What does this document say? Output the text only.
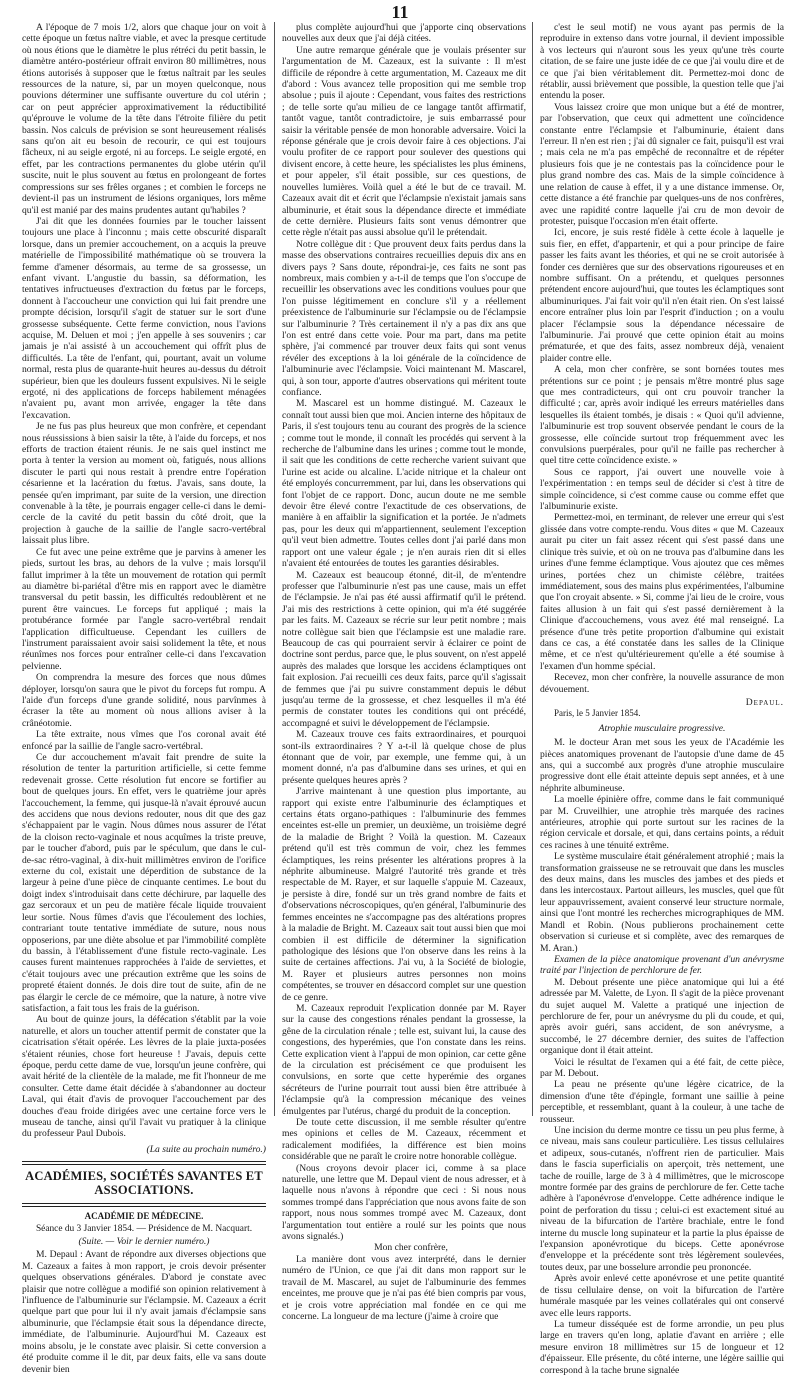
11

A l'époque de 7 mois 1/2, alors que chaque jour on voit à cette époque un fœtus naître viable, et avec la presque certitude où nous étions que le diamètre le plus rétréci du petit bassin, le diamètre antéro-postérieur offrait environ 80 millimètres, nous étions autorisés à supposer que le fœtus naîtrait par les seules ressources de la nature, si, par un moyen quelconque, nous pouvions déterminer une suffisante ouverture du col utérin ; car on peut apprécier approximativement la réductibilité qu'éprouve le volume de la tête dans l'étroite filière du petit bassin. Nos calculs de prévision se sont heureusement réalisés sans qu'on ait eu besoin de recourir, ce qui est toujours fâcheux, ni au seigle ergoté, ni au forceps. Le seigle ergoté, en effet, par les contractions permanentes du globe utérin qu'il suscite, nuit le plus souvent au fœtus en prolongeant de fortes compressions sur ses frêles organes ; et combien le forceps ne devient-il pas un instrument de lésions organiques, lors même qu'il est manié par des mains prudentes autant qu'habiles ?

J'ai dit que les données fournies par le toucher laissent toujours une place à l'inconnu ; mais cette obscurité disparaît lorsque, dans un premier accouchement, on a acquis la preuve matérielle de l'impossibilité mathématique où se trouvera la femme d'amener désormais, au terme de sa grossesse, un enfant vivant. L'angustie du bassin, sa déformation, les tentatives infructueuses d'extraction du fœtus par le forceps, donnent à l'accoucheur une conviction qui lui fait prendre une prompte décision, lorsqu'il s'agit de statuer sur le sort d'une grossesse subséquente. Cette ferme conviction, nous l'avions acquise, M. Deluen et moi ; j'en appelle à ses souvenirs ; car jamais je n'ai assisté à un accouchement qui offrît plus de difficultés. La tête de l'enfant, qui, pourtant, avait un volume normal, resta plus de quarante-huit heures au-dessus du détroit supérieur, bien que les douleurs fussent expulsives. Ni le seigle ergoté, ni des applications de forceps habilement ménagées n'avaient pu, avant mon arrivée, engager la tête dans l'excavation.

Je ne fus pas plus heureux que mon confrère, et cependant nous réussissions à bien saisir la tête, à l'aide du forceps, et nos efforts de traction étaient réunis. Je ne sais quel instinct me porta à tenter la version au moment où, fatigués, nous allions discuter le parti qui nous restait à prendre entre l'opération césarienne et la lacération du fœtus. J'avais, sans doute, la pensée qu'en imprimant, par suite de la version, une direction convenable à la tête, je pourrais engager celle-ci dans le demi-cercle de la cavité du petit bassin du côté droit, que la projection à gauche de la saillie de l'angle sacro-vertébral laissait plus libre.

Ce fut avec une peine extrême que je parvins à amener les pieds, surtout les bras, au dehors de la vulve ; mais lorsqu'il fallut imprimer à la tête un mouvement de rotation qui permît au diamètre bi-pariétal d'être mis en rapport avec le diamètre transversal du petit bassin, les difficultés redoublèrent et ne purent être vaincues. Le forceps fut appliqué ; mais la protubérance formée par l'angle sacro-vertébral rendait l'application difficultueuse. Cependant les cuillers de l'instrument paraissaient avoir saisi solidement la tête, et nous réunîmes nos forces pour entraîner celle-ci dans l'excavation pelvienne.

On comprendra la mesure des forces que nous dûmes déployer, lorsqu'on saura que le pivot du forceps fut rompu. A l'aide d'un forceps d'une grande solidité, nous parvînmes à écraser la tête au moment où nous allions aviser à la crânéotomie.

La tête extraite, nous vîmes que l'os coronal avait été enfoncé par la saillie de l'angle sacro-vertébral.

Ce dur accouchement m'avait fait prendre de suite la résolution de tenter la parturition artificielle, si cette femme redevenait grosse. Cette résolution fut encore se fortifier au bout de quelques jours. En effet, vers le quatrième jour après l'accouchement, la femme, qui jusque-là n'avait éprouvé aucun des accidens que nous devions redouter, nous dit que des gaz s'échappaient par le vagin. Nous dûmes nous assurer de l'état de la cloison recto-vaginale et nous acquîmes la triste preuve, par le toucher d'abord, puis par le spéculum, que dans le cul-de-sac rétro-vaginal, à dix-huit millimètres environ de l'orifice externe du col, existait une déperdition de substance de la largeur à peine d'une pièce de cinquante centimes. Le bout du doigt index s'introduisait dans cette déchirure, par laquelle des gaz sercoraux et un peu de matière fécale liquide trouvaient leur sortie. Nous fûmes d'avis que l'écoulement des lochies, contrariant toute tentative immédiate de suture, nous nous opposerions, par une diète absolue et par l'immobilité complète du bassin, à l'établissement d'une fistule recto-vaginale. Les causes furent maintenues rapprochées à l'aide de serviettes, et c'était toujours avec une précaution extrême que les soins de propreté étaient donnés. Je dois dire tout de suite, afin de ne pas élargir le cercle de ce mémoire, que la nature, à notre vive satisfaction, a fait tous les frais de la guérison.

Au bout de quinze jours, la défécation s'établit par la voie naturelle, et alors un toucher attentif permit de constater que la cicatrisation s'était opérée. Les lèvres de la plaie juxta-posées s'étaient réunies, chose fort heureuse ! J'avais, depuis cette époque, perdu cette dame de vue, lorsqu'un jeune confrère, qui avait hérité de la clientèle de la malade, me fit l'honneur de me consulter. Cette dame était décidée à s'abandonner au docteur Laval, qui était d'avis de provoquer l'accouchement par des douches d'eau froide dirigées avec une certaine force vers le museau de tanche, ainsi qu'il l'avait vu pratiquer à la clinique du professeur Paul Dubois.

(La suite au prochain numéro.)
ACADÉMIES, SOCIÉTÉS SAVANTES ET ASSOCIATIONS.
ACADÉMIE DE MÉDECINE.
Séance du 3 Janvier 1854. — Présidence de M. Nacquart.
(Suite. — Voir le dernier numéro.)

M. Depaul : Avant de répondre aux diverses objections que M. Cazeaux a faites à mon rapport, je crois devoir présenter quelques observations générales. D'abord je constate avec plaisir que notre collègue a modifié son opinion relativement à l'influence de l'albuminurie sur l'éclampsie. M. Cazeaux a écrit quelque part que pour lui il n'y avait jamais d'éclampsie sans albuminurie, que l'éclampsie était sous la dépendance directe, immédiate, de l'albuminurie. Aujourd'hui M. Cazeaux est moins absolu, je le constate avec plaisir. Si cette conversion a été produite comme il le dit, par deux faits, elle va sans doute devenir bien

plus complète aujourd'hui que j'apporte cinq observations nouvelles aux deux que j'ai déjà citées.

Une autre remarque générale que je voulais présenter sur l'argumentation de M. Cazeaux, est la suivante : Il m'est difficile de répondre à cette argumentation, M. Cazeaux me dit d'abord : Vous avancez telle proposition qui me semble trop absolue ; puis il ajoute : Cependant, vous faites des restrictions ; de telle sorte qu'au milieu de ce langage tantôt affirmatif, tantôt vague, tantôt contradictoire, je suis embarrassé pour saisir la véritable pensée de mon honorable adversaire. Voici la réponse générale que je crois devoir faire à ces objections. J'ai voulu profiter de ce rapport pour soulever des questions qui divisent encore, à cette heure, les spécialistes les plus éminens, et pour appeler, s'il était possible, sur ces questions, de nouvelles lumières. Voilà quel a été le but de ce travail. M. Cazeaux avait dit et écrit que l'éclampsie n'existait jamais sans albuminurie, et était sous la dépendance directe et immédiate de cette dernière. Plusieurs faits sont venus démontrer que cette règle n'était pas aussi absolue qu'il le prétendait.

Notre collègue dit : Que prouvent deux faits perdus dans la masse des observations contraires recueillies depuis dix ans en divers pays ? Sans doute, répondrai-je, ces faits ne sont pas nombreux, mais combien y a-t-il de temps que l'on s'occupe de recueillir les observations avec les conditions voulues pour que l'on puisse légitimement en conclure s'il y a réellement préexistence de l'albuminurie sur l'éclampsie ou de l'éclampsie sur l'albuminurie ? Très certainement il n'y a pas dix ans que l'on est entré dans cette voie. Pour ma part, dans ma petite sphère, j'ai commencé par trouver deux faits qui sont venus révéler des exceptions à la loi générale de la coïncidence de l'albuminurie avec l'éclampsie. Voici maintenant M. Mascarel, qui, à son tour, apporte d'autres observations qui méritent toute confiance.

M. Mascarel est un homme distingué. M. Cazeaux le connaît tout aussi bien que moi. Ancien interne des hôpitaux de Paris, il s'est toujours tenu au courant des progrès de la science ; comme tout le monde, il connaît les procédés qui servent à la recherche de l'albumine dans les urines ; comme tout le monde, il sait que les conditions de cette recherche varient suivant que l'urine est acide ou alcaline. L'acide nitrique et la chaleur ont été employés concurremment, par lui, dans les observations qui font l'objet de ce rapport. Donc, aucun doute ne me semble devoir être élevé contre l'exactitude de ces observations, de manière à en affaiblir la signification et la portée. Je n'admets pas, pour les deux qui m'appartiennent, seulement l'exception qu'il veut bien admettre. Toutes celles dont j'ai parlé dans mon rapport ont une valeur égale ; je n'en aurais rien dit si elles n'avaient été entourées de toutes les garanties désirables.

M. Cazeaux est beaucoup étonné, dit-il, de m'entendre professer que l'albuminurie n'est pas une cause, mais un effet de l'éclampsie. Je n'ai pas été aussi affirmatif qu'il le prétend. J'ai mis des restrictions à cette opinion, qui m'a été suggérée par les faits. M. Cazeaux se récrie sur leur petit nombre ; mais notre collègue sait bien que l'éclampsie est une maladie rare. Beaucoup de cas qui pourraient servir à éclairer ce point de doctrine sont perdus, parce que, le plus souvent, on n'est appelé auprès des malades que lorsque les accidens éclamptiques ont fait explosion. J'ai recueilli ces deux faits, parce qu'il s'agissait de femmes que j'ai pu suivre constamment depuis le début jusqu'au terme de la grossesse, et chez lesquelles il m'a été permis de constater toutes les conditions qui ont précédé, accompagné et suivi le développement de l'éclampsie.

M. Cazeaux trouve ces faits extraordinaires, et pourquoi sont-ils extraordinaires ? Y a-t-il là quelque chose de plus étonnant que de voir, par exemple, une femme qui, à un moment donné, n'a pas d'albumine dans ses urines, et qui en présente quelques heures après ?

J'arrive maintenant à une question plus importante, au rapport qui existe entre l'albuminurie des éclamptiques et certains états organo-pathiques : l'albuminurie des femmes enceintes est-elle un premier, un deuxième, un troisième degré de la maladie de Bright ? Voilà la question. M. Cazeaux prétend qu'il est très commun de voir, chez les femmes éclamptiques, les reins présenter les altérations propres à la néphrite albumineuse. Malgré l'autorité très grande et très respectable de M. Rayer, et sur laquelle s'appuie M. Cazeaux, je persiste à dire, fondé sur un très grand nombre de faits et d'observations nécroscopiques, qu'en général, l'albuminurie des femmes enceintes ne s'accompagne pas des altérations propres à la maladie de Bright. M. Cazeaux sait tout aussi bien que moi combien il est difficile de déterminer la signification pathologique des lésions que l'on observe dans les reins à la suite de certaines affections. J'ai vu, à la Société de biologie, M. Rayer et plusieurs autres personnes non moins compétentes, se trouver en désaccord complet sur une question de ce genre.

M. Cazeaux reproduit l'explication donnée par M. Rayer sur la cause des congestions rénales pendant la grossesse, la gêne de la circulation rénale ; telle est, suivant lui, la cause des congestions, des hyperémies, que l'on constate dans les reins. Cette explication vient à l'appui de mon opinion, car cette gêne de la circulation est précisément ce que produisent les convulsions, en sorte que cette hyperémie des organes sécréteurs de l'urine pourrait tout aussi bien être attribuée à l'éclampsie qu'à la compression mécanique des veines émulgentes par l'utérus, chargé du produit de la conception.

De toute cette discussion, il me semble résulter qu'entre mes opinions et celles de M. Cazeaux, récemment et radicalement modifiées, la différence est bien moins considérable que ne paraît le croire notre honorable collègue.

(Nous croyons devoir placer ici, comme à sa place naturelle, une lettre que M. Depaul vient de nous adresser, et à laquelle nous n'avons à répondre que ceci : Si nous nous sommes trompé dans l'appréciation que nous avons faite de son rapport, nous nous sommes trompé avec M. Cazeaux, dont l'argumentation tout entière a roulé sur les points que nous avons signalés.)

Mon cher confrère,

La manière dont vous avez interprété, dans le dernier numéro de l'Union, ce que j'ai dit dans mon rapport sur le travail de M. Mascarel, au sujet de l'albuminurie des femmes enceintes, me prouve que je n'ai pas été bien compris par vous, et je crois votre appréciation mal fondée en ce qui me concerne. La longueur de ma lecture (j'aime à croire que

c'est le seul motif) ne vous ayant pas permis de la reproduire in extenso dans votre journal, il devient impossible à vos lecteurs qui n'auront sous les yeux qu'une très courte citation, de se faire une juste idée de ce que j'ai voulu dire et de ce que j'ai bien véritablement dit. Permettez-moi donc de rétablir, aussi brièvement que possible, la question telle que j'ai entendu la poser.

Vous laissez croire que mon unique but a été de montrer, par l'observation, que ceux qui admettent une coïncidence constante entre l'éclampsie et l'albuminurie, étaient dans l'erreur. Il n'en est rien ; j'ai dû signaler ce fait, puisqu'il est vrai ; mais cela ne m'a pas empêché de reconnaître et de répéter plusieurs fois que je ne contestais pas la coïncidence pour le plus grand nombre des cas. Mais de la simple coïncidence à une relation de cause à effet, il y a une distance immense. Or, cette distance a été franchie par quelques-uns de nos confrères, avec une rapidité contre laquelle j'ai cru de mon devoir de protester, puisque l'occasion m'en était offerte.

Ici, encore, je suis resté fidèle à cette école à laquelle je suis fier, en effet, d'appartenir, et qui a pour principe de faire passer les faits avant les théories, et qui ne se croit autorisée à fonder ces dernières que sur des observations rigoureuses et en nombre suffisant. On a prétendu, et quelques personnes prétendent encore aujourd'hui, que toutes les éclamptiques sont albuminuriques. J'ai fait voir qu'il n'en était rien. On s'est laissé encore entraîner plus loin par l'esprit d'induction ; on a voulu placer l'éclampsie sous la dépendance nécessaire de l'albuminurie. J'ai prouvé que cette opinion était au moins prématurée, et que des faits, assez nombreux déjà, venaient plaider contre elle.

A cela, mon cher confrère, se sont bornées toutes mes prétentions sur ce point ; je pensais m'être montré plus sage que mes contradicteurs, qui ont cru pouvoir trancher la difficulté ; car, après avoir indiqué les erreurs matérielles dans lesquelles ils étaient tombés, je disais : « Quoi qu'il advienne, l'albuminurie est trop souvent observée pendant le cours de la grossesse, elle coïncide surtout trop fréquemment avec les convulsions puerpérales, pour qu'il ne faille pas rechercher à quel titre cette coïncidence existe. »

Sous ce rapport, j'ai ouvert une nouvelle voie à l'expérimentation : en temps seul de décider si c'est à titre de simple coïncidence, si c'est comme cause ou comme effet que l'albuminurie existe.

Permettez-moi, en terminant, de relever une erreur qui s'est glissée dans votre compte-rendu. Vous dites « que M. Cazeaux aurait pu citer un fait assez récent qui s'est passé dans une clinique très suivie, et où on ne trouva pas d'albumine dans les urines d'une femme éclamptique. Vous ajoutez que ces mêmes urines, portées chez un chimiste célèbre, traitées immédiatement, sous des mains plus expérimentées, l'albumine que l'on croyait absente. » Si, comme j'ai lieu de le croire, vous faites allusion à un fait qui s'est passé dernièrement à la Clinique d'accouchemens, vous avez été mal renseigné. La présence d'une très petite proportion d'albumine qui existait dans ce cas, a été constatée dans les salles de la Clinique même, et ce n'est qu'ultérieurement qu'elle a été soumise à l'examen d'un homme spécial.

Recevez, mon cher confrère, la nouvelle assurance de mon dévouement.

Depaul.

Paris, le 5 Janvier 1854.

Atrophie musculaire progressive.

M. le docteur Aran met sous les yeux de l'Académie les pièces anatomiques provenant de l'autopsie d'une dame de 45 ans, qui a succombé aux progrès d'une atrophie musculaire progressive dont elle était atteinte depuis sept années, et à une néphrite albumineuse.

La moelle épinière offre, comme dans le fait communiqué par M. Cruveilhier, une atrophie très marquée des racines antérieures, atrophie qui porte surtout sur les racines de la région cervicale et dorsale, et qui, dans certains points, a réduit ces racines à une ténuité extrême.

Le système musculaire était généralement atrophié ; mais la transformation graisseuse ne se retrouvait que dans les muscles des deux mains, dans les muscles des jambes et des pieds et dans les intercostaux. Partout ailleurs, les muscles, quel que fût leur appauvrissement, avaient conservé leur structure normale, ainsi que l'ont montré les recherches micrographiques de MM. Mandl et Robin. (Nous publierons prochainement cette observation si curieuse et si complète, avec des remarques de M. Aran.)

Examen de la pièce anatomique provenant d'un anévrysme traité par l'injection de perchlorure de fer.

M. Debout présente une pièce anatomique qui lui a été adressée par M. Valette, de Lyon. Il s'agit de la pièce provenant du sujet auquel M. Valette a pratiqué une injection de perchlorure de fer, pour un anévrysme du pli du coude, et qui, après avoir guéri, sans accident, de son anévrysme, a succombé, le 27 décembre dernier, des suites de l'affection organique dont il était atteint.

Voici le résultat de l'examen qui a été fait, de cette pièce, par M. Debout.

La peau ne présente qu'une légère cicatrice, de la dimension d'une tête d'épingle, formant une saillie à peine perceptible, et ressemblant, quant à la couleur, à une tache de rousseur.

Une incision du derme montre ce tissu un peu plus ferme, à ce niveau, mais sans couleur particulière. Les tissus cellulaires et adipeux, sous-cutanés, n'offrent rien de particulier. Mais dans le fascia superficialis on aperçoit, très nettement, une tache de rouille, large de 3 à 4 millimètres, que le microscope montre formée par des grains de perchlorure de fer. Cette tache adhère à l'aponévrose d'enveloppe. Cette adhérence indique le point de perforation du tissu ; celui-ci est exactement situé au niveau de la bifurcation de l'artère brachiale, entre le fond interne du muscle long supinateur et la partie la plus épaisse de l'expansion aponévrotique du biceps. Cette aponévrose d'enveloppe et la précédente sont très légèrement soulevées, toutes deux, par une bosselure arrondie peu prononcée.

Après avoir enlevé cette aponévrose et une petite quantité de tissu cellulaire dense, on voit la bifurcation de l'artère humérale masquée par les veines collatérales qui ont conservé avec elle leurs rapports.

La tumeur disséquée est de forme arrondie, un peu plus large en travers qu'en long, aplatie d'avant en arrière ; elle mesure environ 18 millimètres sur 15 de longueur et 12 d'épaisseur. Elle présente, du côté interne, une légère saillie qui correspond à la tache brune signalée
